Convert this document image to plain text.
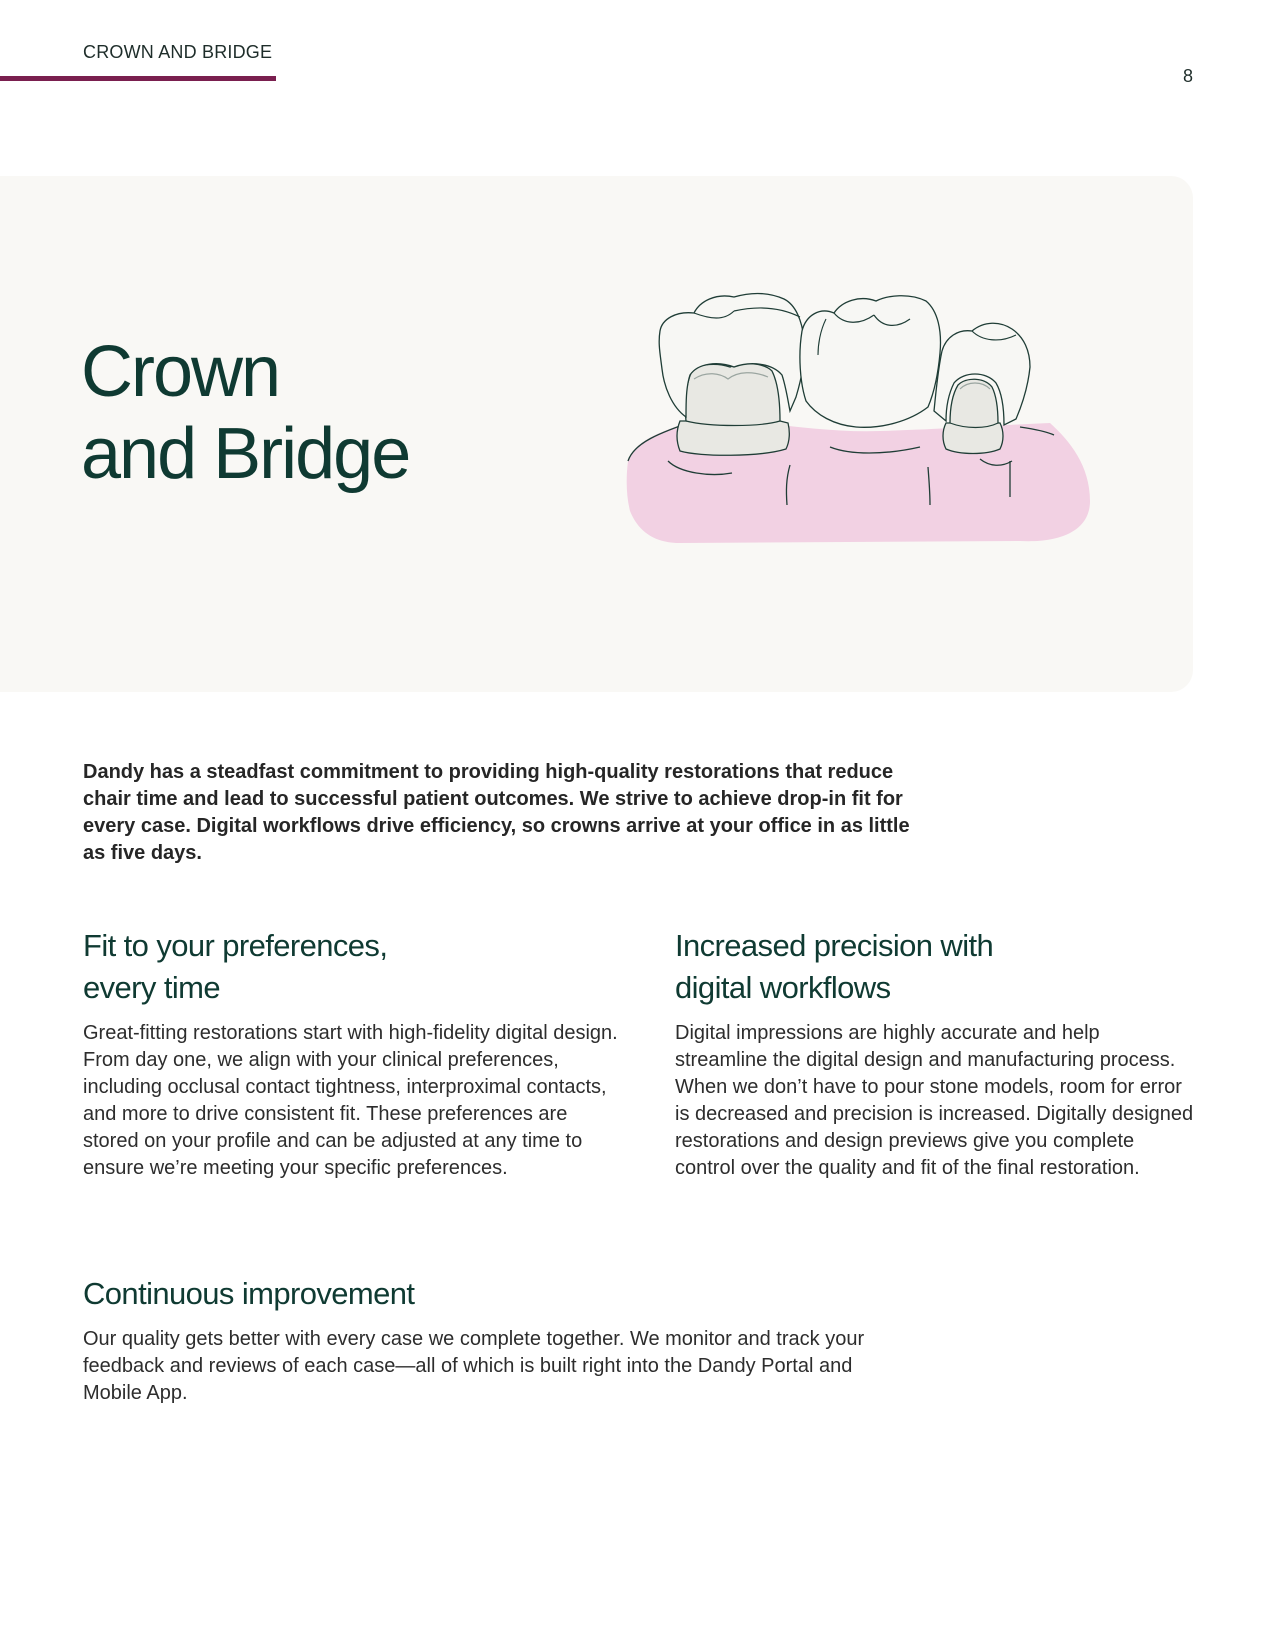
CROWN AND BRIDGE
8
Crown
and Bridge

Dandy has a steadfast commitment to providing high-quality restorations that reduce chair time and lead to successful patient outcomes. We strive to achieve drop-in fit for every case. Digital workflows drive efficiency, so crowns arrive at your office in as little as five days.

Fit to your preferences,
every time

Great-fitting restorations start with high-fidelity digital design. From day one, we align with your clinical preferences, including occlusal contact tightness, interproximal contacts, and more to drive consistent fit. These preferences are stored on your profile and can be adjusted at any time to ensure we’re meeting your specific preferences.

Increased precision with
digital workflows

Digital impressions are highly accurate and help streamline the digital design and manufacturing process. When we don’t have to pour stone models, room for error is decreased and precision is increased. Digitally designed restorations and design previews give you complete control over the quality and fit of the final restoration.

Continuous improvement

Our quality gets better with every case we complete together. We monitor and track your feedback and reviews of each case—all of which is built right into the Dandy Portal and Mobile App.
